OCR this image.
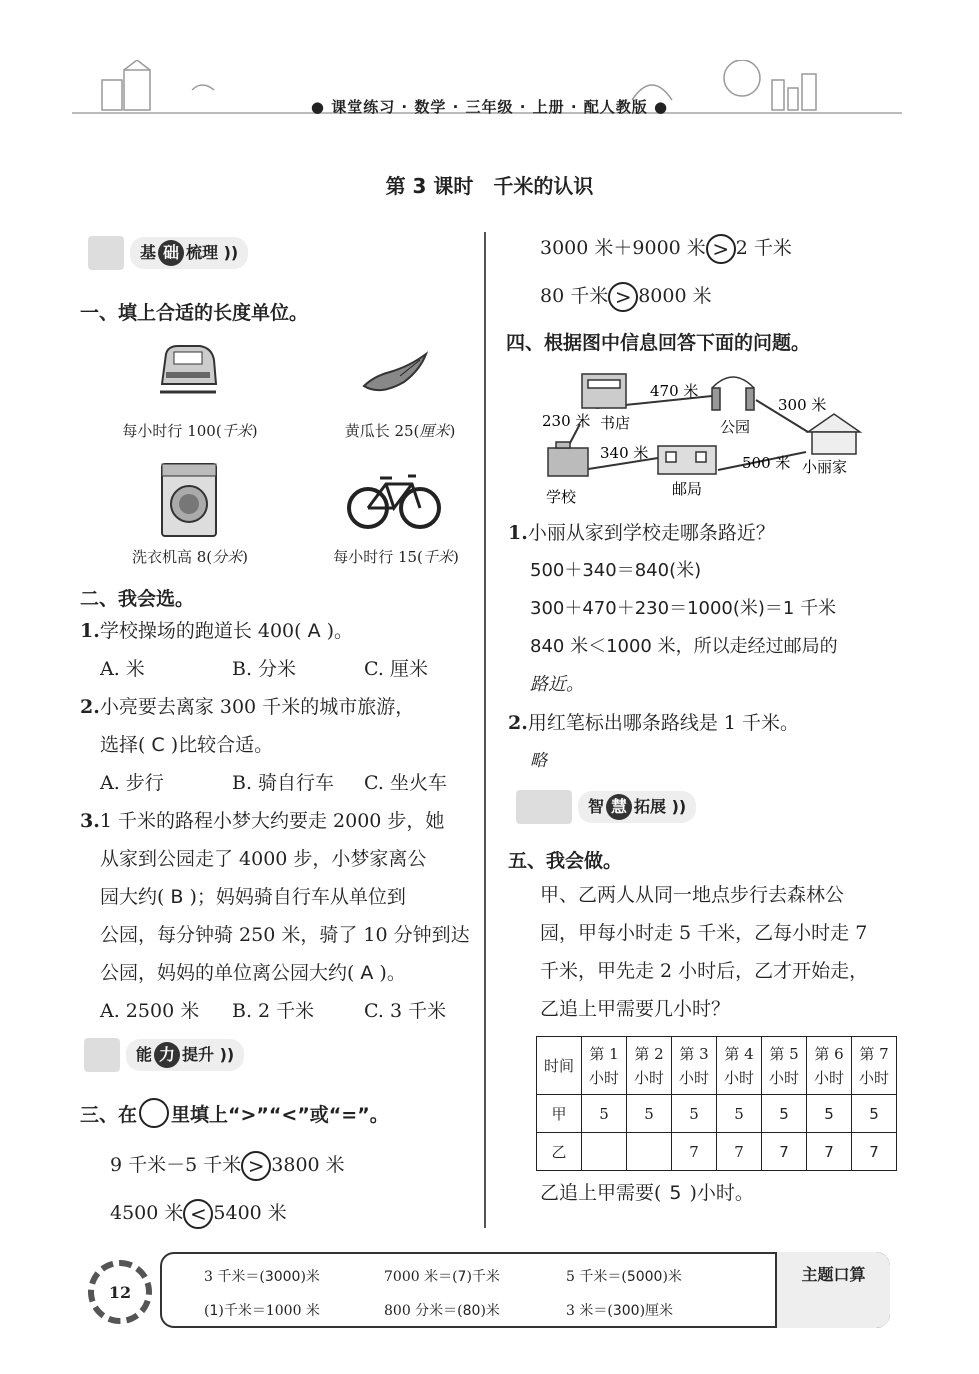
● 课堂练习 · 数学 · 三年级 · 上册 · 配人教版 ●
第 3 课时　千米的认识
基 础 梳理 ))
一、填上合适的长度单位。
每小时行 100(千米)	黄瓜长 25(厘米)
洗衣机高 8(分米)	每小时行 15(千米)
二、我会选。
1.学校操场的跑道长 400( A )。
A. 米	B. 分米	C. 厘米
2.小亮要去离家 300 千米的城市旅游，
选择( C )比较合适。
A. 步行	B. 骑自行车	C. 坐火车
3.1 千米的路程小梦大约要走 2000 步，她
从家到公园走了 4000 步，小梦家离公
园大约( B )；妈妈骑自行车从单位到
公园，每分钟骑 250 米，骑了 10 分钟到达
公园，妈妈的单位离公园大约( A )。
A. 2500 米	B. 2 千米	C. 3 千米
能 力 提升 ))
三、在 里填上“>”“<”或“=”。
9 千米－5 千米 > 3800 米
4500 米 < 5400 米
3000 米＋9000 米 > 2 千米
80 千米 > 8000 米
四、根据图中信息回答下面的问题。
书店	公园
小丽家
学校	邮局
230 米
470 米
300 米
340 米
500 米
1.小丽从家到学校走哪条路近？
500＋340＝840(米)
300＋470＋230＝1000(米)＝1 千米
840 米＜1000 米，所以走经过邮局的
路近。
2.用红笔标出哪条路线是 1 千米。
略
智 慧 拓展 ))
五、我会做。
甲、乙两人从同一地点步行去森林公
园，甲每小时走 5 千米，乙每小时走 7
千米，甲先走 2 小时后，乙才开始走，
乙追上甲需要几小时？
时间	第 1 小时	第 2 小时	第 3 小时	第 4 小时	第 5 小时	第 6 小时	第 7 小时
甲	5	5	5	5	5	5	5
乙			7	7	7	7	7
乙追上甲需要( 5 )小时。
主题口算
12
3 千米＝(3000)米	7000 米＝(7)千米	5 千米＝(5000)米
(1)千米＝1000 米	800 分米＝(80)米	3 米＝(300)厘米
